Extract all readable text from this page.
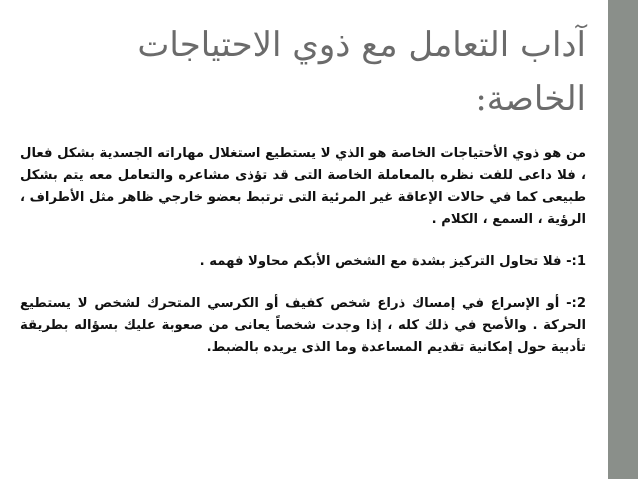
آداب التعامل مع ذوي الاحتياجات الخاصة:

من هو ذوي الأحتياجات الخاصة هو الذي لا يستطيع استغلال مهاراته الجسدية بشكل فعال ، فلا داعى للفت نظره بالمعاملة الخاصة التى قد تؤذى مشاعره والتعامل معه يتم بشكل طبيعى كما في حالات الإعاقة غير المرئية التى ترتبط بعضو خارجي ظاهر مثل الأطراف ، الرؤية ، السمع ، الكلام .

1:- فلا تحاول التركيز بشدة مع الشخص الأبكم محاولا فهمه .

2:- أو الإسراع في إمساك ذراع شخص كفيف أو الكرسي المتحرك لشخص لا يستطيع الحركة . والأصح في ذلك كله ، إذا وجدت شخصاً يعانى من صعوبة عليك بسؤاله بطريقة تأدبية حول إمكانية تقديم المساعدة وما الذى يريده بالضبط.
